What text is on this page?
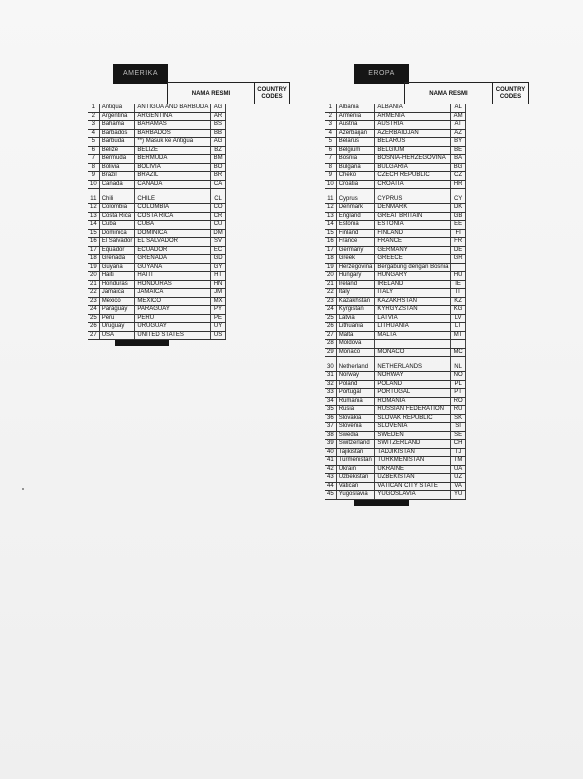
AMERIKA
NAMA RESMI
COUNTRY CODES
1	Antiqua	ANTIGUA AND BARBUDA	AG
2	Argentina	ARGENTINA	AR
3	Bahama	BAHAMAS	BS
4	Barbados	BARBADOS	BB
5	Barbuda	**) Masuk ke Antigua	AG
6	Belize	BELIZE	BZ
7	Bermuda	BERMUDA	BM
8	Bolivia	BOLIVIA	BO
9	Brazil	BRAZIL	BR
10	Canada	CANADA	CA
11	Chili	CHILE	CL
12	Colombia	COLOMBIA	CO
13	Costa Rica	COSTA RICA	CR
14	Cuba	CUBA	CU
15	Dominica	DOMINICA	DM
16	El Salvador	EL SALVADOR	SV
17	Equador	ECUADOR	EC
18	Grenada	GRENADA	GD
19	Guyana	GUYANA	GY
20	Haiti	HAITI	HT
21	Honduras	HONDURAS	HN
22	Jamaica	JAMAICA	JM
23	Mexico	MEXICO	MX
24	Paraguay	PARAGUAY	PY
25	Peru	PERU	PE
26	Uruguay	URUGUAY	UY
27	USA	UNITED STATES	US
EROPA
NAMA RESMI
COUNTRY CODES
1	Albania	ALBANIA	AL
2	Armenia	ARMENIA	AM
3	Austria	AUSTRIA	AT
4	Azerbaijan	AZERBAIDJAN	AZ
5	Belarus	BELARUS	BY
6	Belgium	BELGIUM	BE
7	Bosnia	BOSNIA-HERZEGOVINA	BA
8	Bulgaria	BULGARIA	BG
9	Cheko	CZECH REPUBLIC	CZ
10	Croatia	CROATIA	HR
11	Cyprus	CYPRUS	CY
12	Denmark	DENMARK	DK
13	England	GREAT BRITAIN	GB
14	Estonia	ESTONIA	EE
15	Finland	FINLAND	FI
16	France	FRANCE	FR
17	Germany	GERMANY	DE
18	Greek	GREECE	GR
19	Herzegovina	Bergabung dengan Bosnia	
20	Hungary	HUNGARY	HU
21	Ireland	IRELAND	IE
22	Italy	ITALY	IT
23	Kazakhstan	KAZAKHSTAN	KZ
24	Kyrgistan	KYRGYZSTAN	KG
25	Latvia	LATVIA	LV
26	Lithuania	LITHUANIA	LT
27	Malta	MALTA	MT
28	Moldova		
29	Monaco	MONACO	MC
30	Netherland	NETHERLANDS	NL
31	Norway	NORWAY	NO
32	Poland	POLAND	PL
33	Portugal	PORTUGAL	PT
34	Rumania	ROMANIA	RO
35	Rusia	RUSSIAN FEDERATION	RU
36	Slovakia	SLOVAK REPUBLIC	SK
37	Slovenia	SLOVENIA	SI
38	Swedia	SWEDEN	SE
39	Switzerland	SWITZERLAND	CH
40	Tajikistan	TADJIKISTAN	TJ
41	Turmenistan	TURKMENISTAN	TM
42	Ukrain	UKRAINE	UA
43	Uzbekistan	UZBEKISTAN	UZ
44	Vatican	VATICAN CITY STATE	VA
45	Yugoslavia	YUGOSLAVIA	YU
